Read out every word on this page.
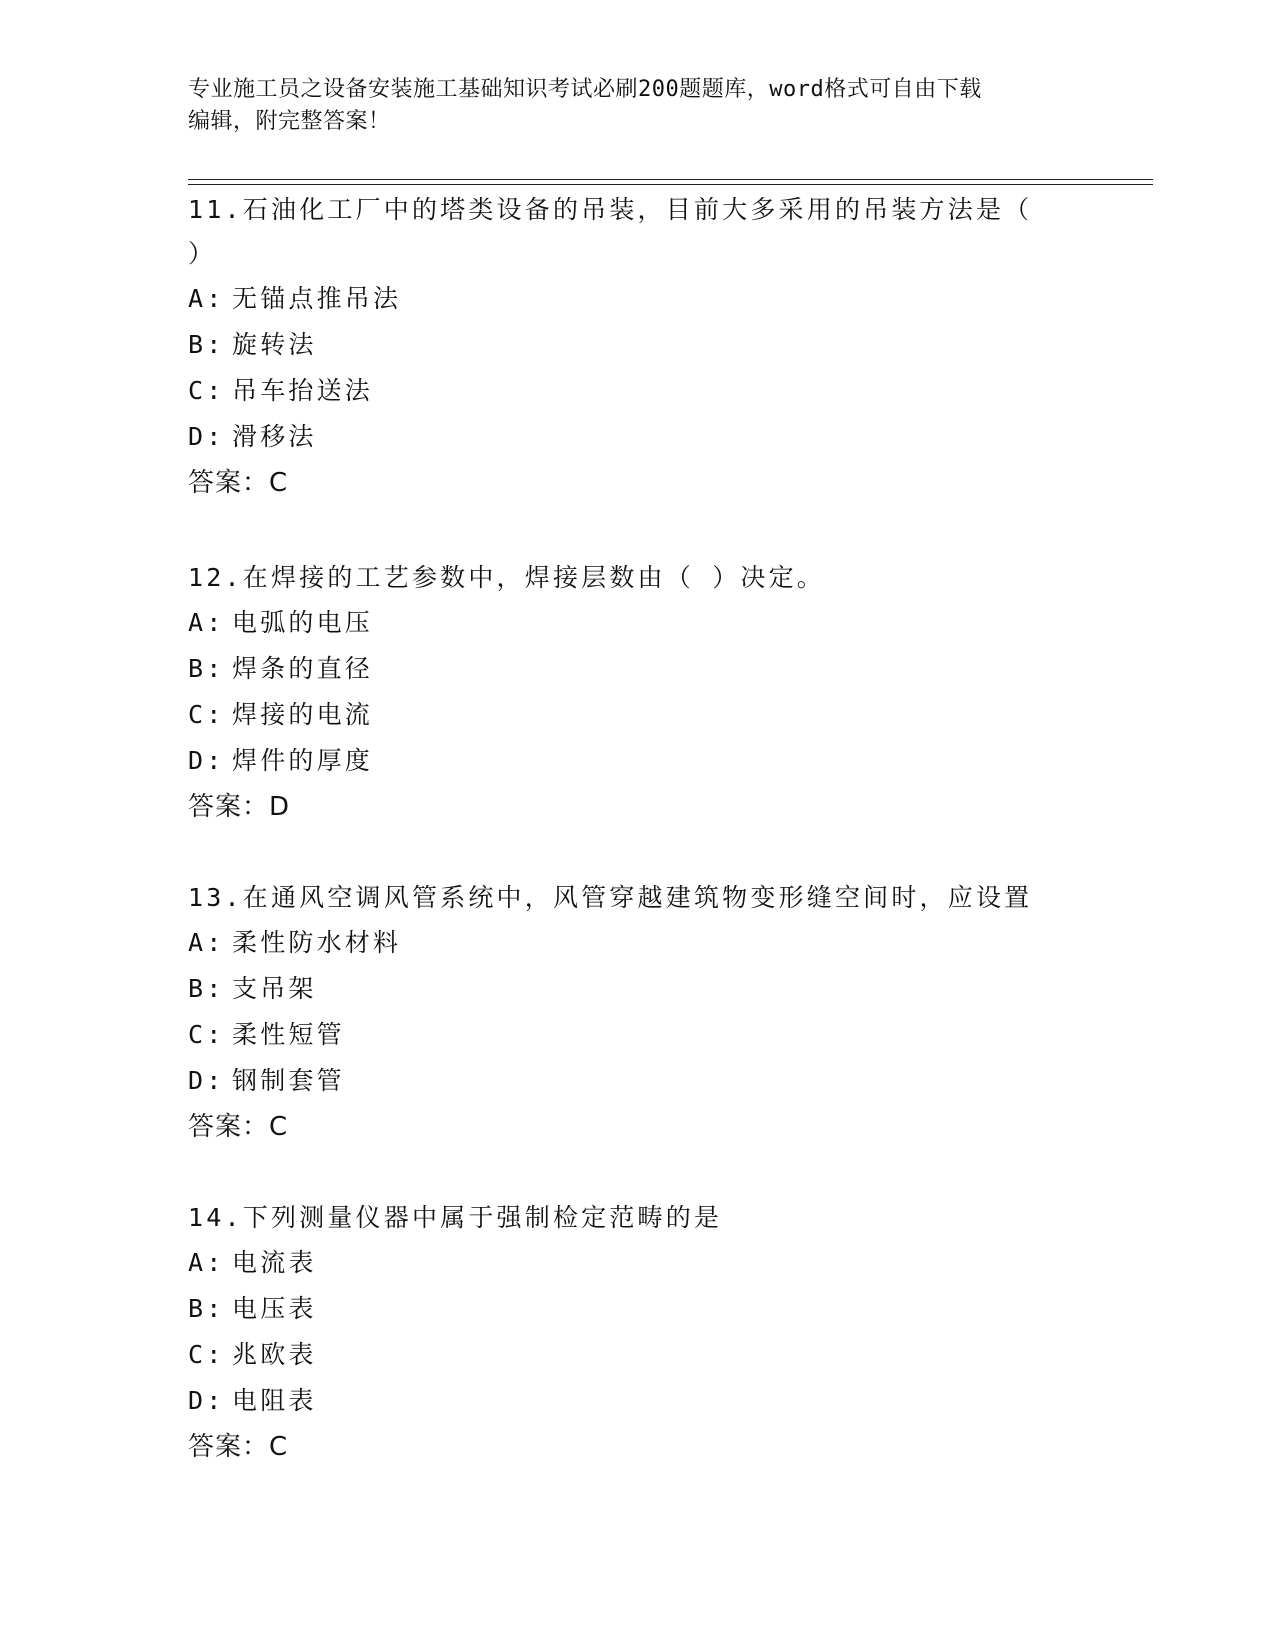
专业施工员之设备安装施工基础知识考试必刷200题题库，word格式可自由下载
编辑，附完整答案！

11.石油化工厂中的塔类设备的吊装，目前大多采用的吊装方法是（

）

A: 无锚点推吊法

B: 旋转法

C: 吊车抬送法

D: 滑移法

答案：C

12.在焊接的工艺参数中，焊接层数由（ ）决定。

A: 电弧的电压

B: 焊条的直径

C: 焊接的电流

D: 焊件的厚度

答案：D

13.在通风空调风管系统中，风管穿越建筑物变形缝空间时，应设置

A: 柔性防水材料

B: 支吊架

C: 柔性短管

D: 钢制套管

答案：C

14.下列测量仪器中属于强制检定范畴的是

A: 电流表

B: 电压表

C: 兆欧表

D: 电阻表

答案：C
